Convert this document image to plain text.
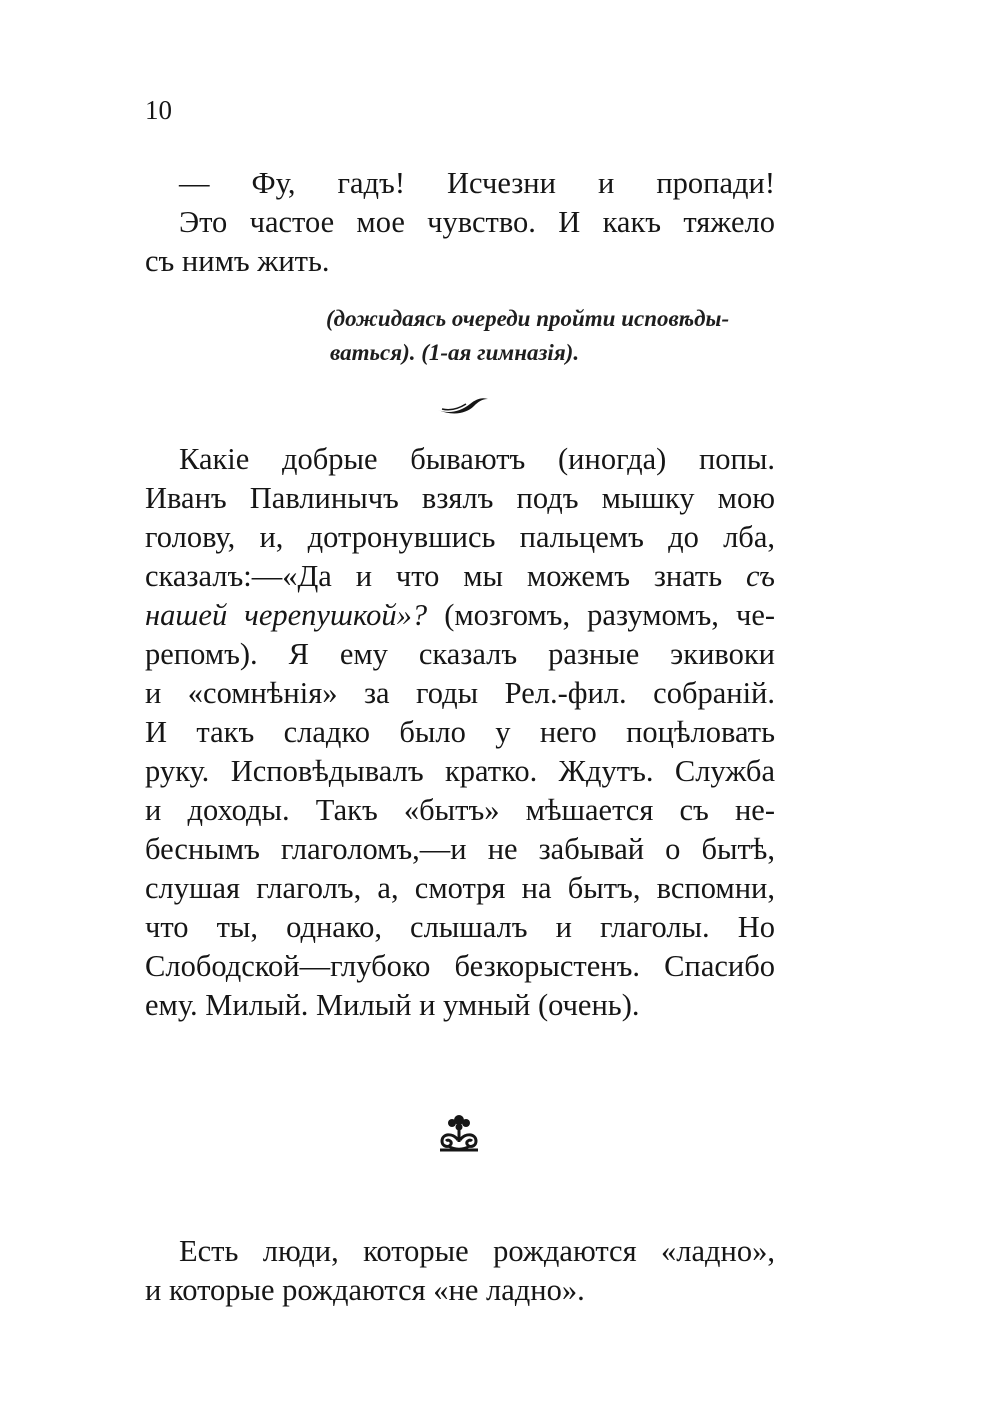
10
— Фу, гадъ! Исчезни и пропади!
Это частое мое чувство. И какъ тяжело
съ нимъ жить.
(дожидаясь очереди пройти исповѣды-
ваться). (1-ая гимназія).
Какіе добрые бываютъ (иногда) попы.
Иванъ Павлинычъ взялъ подъ мышку мою
голову, и, дотронувшись пальцемъ до лба,
сказалъ:—«Да и что мы можемъ знать съ
нашей черепушкой»? (мозгомъ, разумомъ, че-
репомъ). Я ему сказалъ разные экивоки
и «сомнѣнія» за годы Рел.-фил. собраній.
И такъ сладко было у него поцѣловать
руку. Исповѣдывалъ кратко. Ждутъ. Служба
и доходы. Такъ «бытъ» мѣшается съ не-
беснымъ глаголомъ,—и не забывай о бытѣ,
слушая глаголъ, а, смотря на бытъ, вспомни,
что ты, однако, слышалъ и глаголы. Но
Слободской—глубоко безкорыстенъ. Спасибо
ему. Милый. Милый и умный (очень).
Есть люди, которые рождаются «ладно»,
и которые рождаются «не ладно».
